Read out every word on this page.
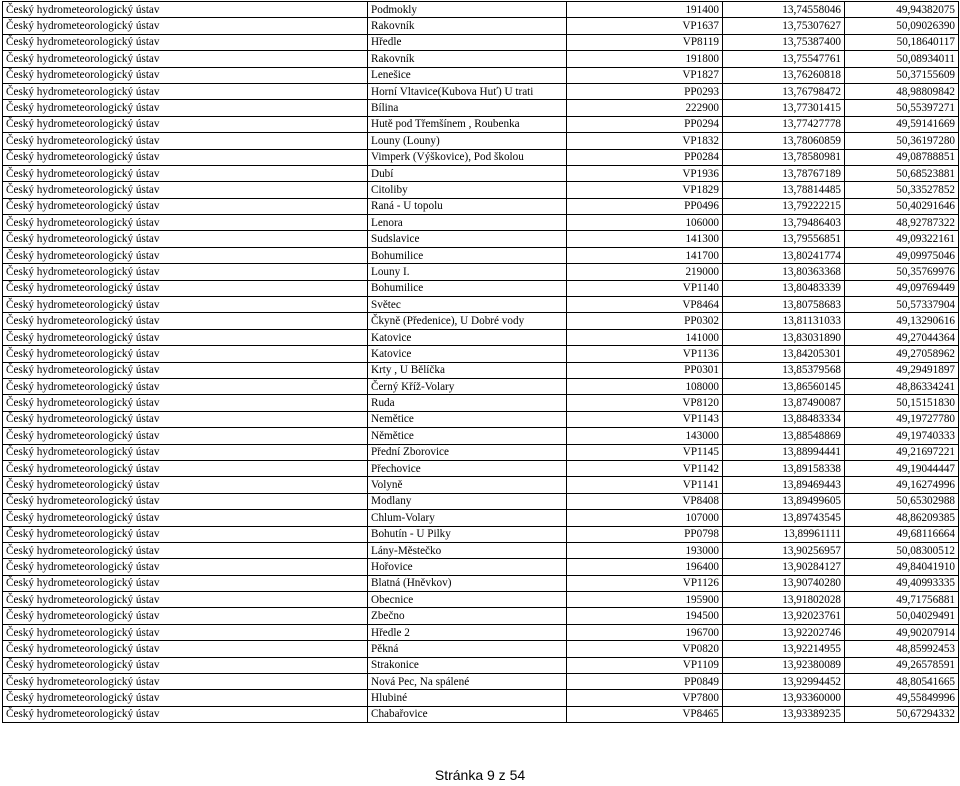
Český hydrometeorologický ústav	Podmokly	191400	13,74558046	49,94382075
Český hydrometeorologický ústav	Rakovník	VP1637	13,75307627	50,09026390
Český hydrometeorologický ústav	Hředle	VP8119	13,75387400	50,18640117
Český hydrometeorologický ústav	Rakovník	191800	13,75547761	50,08934011
Český hydrometeorologický ústav	Lenešice	VP1827	13,76260818	50,37155609
Český hydrometeorologický ústav	Horní Vltavice(Kubova Huť) U trati	PP0293	13,76798472	48,98809842
Český hydrometeorologický ústav	Bílina	222900	13,77301415	50,55397271
Český hydrometeorologický ústav	Hutě pod Třemšínem , Roubenka	PP0294	13,77427778	49,59141669
Český hydrometeorologický ústav	Louny (Louny)	VP1832	13,78060859	50,36197280
Český hydrometeorologický ústav	Vimperk (Výškovice), Pod školou	PP0284	13,78580981	49,08788851
Český hydrometeorologický ústav	Dubí	VP1936	13,78767189	50,68523881
Český hydrometeorologický ústav	Citoliby	VP1829	13,78814485	50,33527852
Český hydrometeorologický ústav	Raná - U topolu	PP0496	13,79222215	50,40291646
Český hydrometeorologický ústav	Lenora	106000	13,79486403	48,92787322
Český hydrometeorologický ústav	Sudslavice	141300	13,79556851	49,09322161
Český hydrometeorologický ústav	Bohumilice	141700	13,80241774	49,09975046
Český hydrometeorologický ústav	Louny I.	219000	13,80363368	50,35769976
Český hydrometeorologický ústav	Bohumilice	VP1140	13,80483339	49,09769449
Český hydrometeorologický ústav	Světec	VP8464	13,80758683	50,57337904
Český hydrometeorologický ústav	Čkyně (Předenice), U Dobré vody	PP0302	13,81131033	49,13290616
Český hydrometeorologický ústav	Katovice	141000	13,83031890	49,27044364
Český hydrometeorologický ústav	Katovice	VP1136	13,84205301	49,27058962
Český hydrometeorologický ústav	Krty , U Bělíčka	PP0301	13,85379568	49,29491897
Český hydrometeorologický ústav	Černý Kříž-Volary	108000	13,86560145	48,86334241
Český hydrometeorologický ústav	Ruda	VP8120	13,87490087	50,15151830
Český hydrometeorologický ústav	Nemětice	VP1143	13,88483334	49,19727780
Český hydrometeorologický ústav	Němětice	143000	13,88548869	49,19740333
Český hydrometeorologický ústav	Přední Zborovice	VP1145	13,88994441	49,21697221
Český hydrometeorologický ústav	Přechovice	VP1142	13,89158338	49,19044447
Český hydrometeorologický ústav	Volyně	VP1141	13,89469443	49,16274996
Český hydrometeorologický ústav	Modlany	VP8408	13,89499605	50,65302988
Český hydrometeorologický ústav	Chlum-Volary	107000	13,89743545	48,86209385
Český hydrometeorologický ústav	Bohutín - U Pilky	PP0798	13,89961111	49,68116664
Český hydrometeorologický ústav	Lány-Městečko	193000	13,90256957	50,08300512
Český hydrometeorologický ústav	Hořovice	196400	13,90284127	49,84041910
Český hydrometeorologický ústav	Blatná (Hněvkov)	VP1126	13,90740280	49,40993335
Český hydrometeorologický ústav	Obecnice	195900	13,91802028	49,71756881
Český hydrometeorologický ústav	Zbečno	194500	13,92023761	50,04029491
Český hydrometeorologický ústav	Hředle 2	196700	13,92202746	49,90207914
Český hydrometeorologický ústav	Pěkná	VP0820	13,92214955	48,85992453
Český hydrometeorologický ústav	Strakonice	VP1109	13,92380089	49,26578591
Český hydrometeorologický ústav	Nová Pec, Na spálené	PP0849	13,92994452	48,80541665
Český hydrometeorologický ústav	Hlubiné	VP7800	13,93360000	49,55849996
Český hydrometeorologický ústav	Chabařovice	VP8465	13,93389235	50,67294332
Stránka 9 z 54
